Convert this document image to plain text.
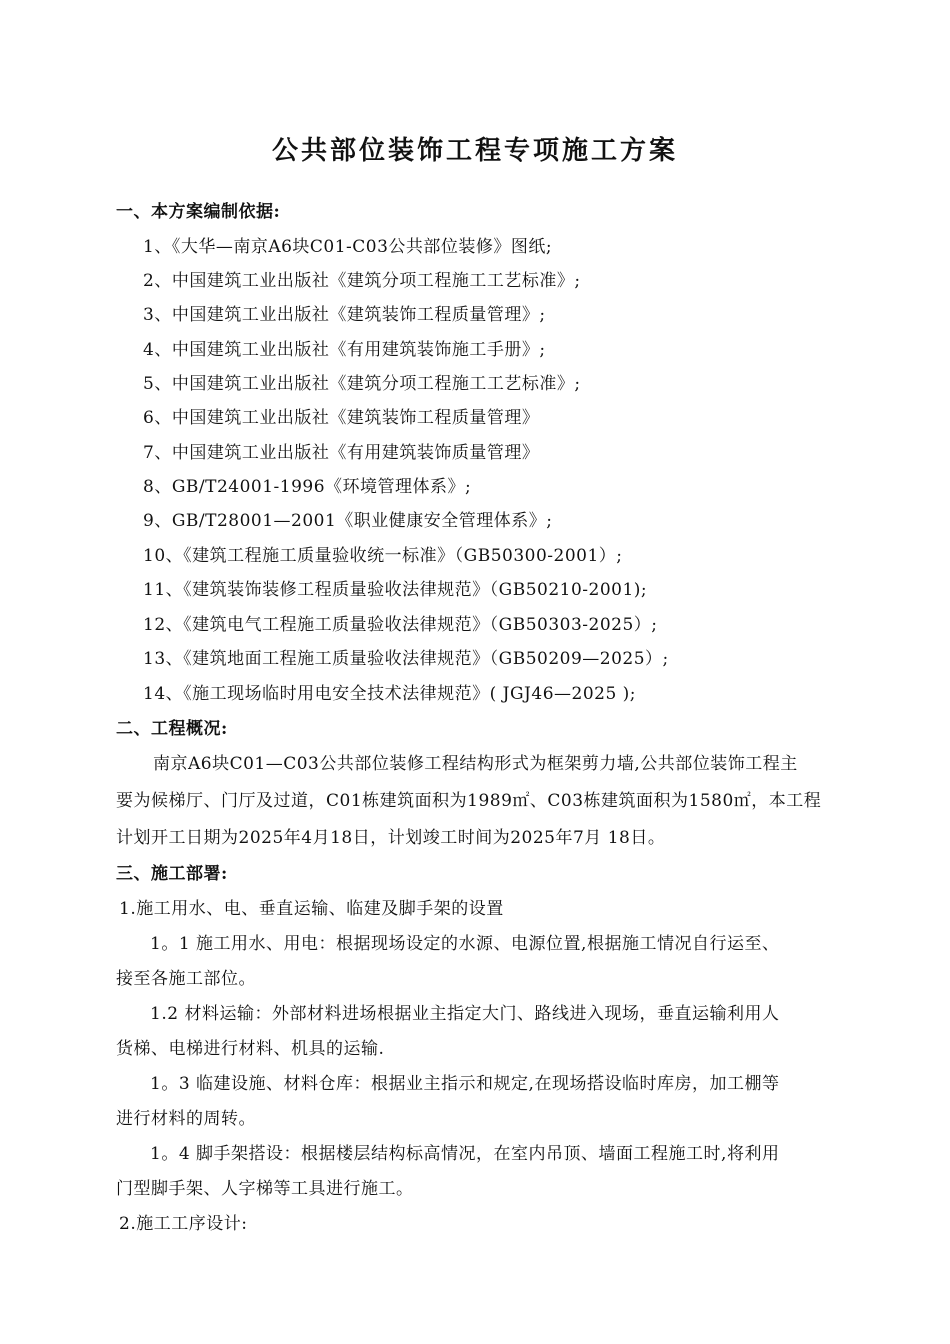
公共部位装饰工程专项施工方案
一、本方案编制依据:
1、《大华—南京A6块C01-C03公共部位装修》图纸;
2、中国建筑工业出版社《建筑分项工程施工工艺标准》;
3、中国建筑工业出版社《建筑装饰工程质量管理》;
4、中国建筑工业出版社《有用建筑装饰施工手册》;
5、中国建筑工业出版社《建筑分项工程施工工艺标准》;
6、中国建筑工业出版社《建筑装饰工程质量管理》
7、中国建筑工业出版社《有用建筑装饰质量管理》
8、GB/T24001-1996《环境管理体系》;
9、GB/T28001—2001《职业健康安全管理体系》;
10、《建筑工程施工质量验收统一标准》（GB50300-2001）;
11、《建筑装饰装修工程质量验收法律规范》（GB50210-2001);
12、《建筑电气工程施工质量验收法律规范》（GB50303-2025）;
13、《建筑地面工程施工质量验收法律规范》（GB50209—2025）;
14、《施工现场临时用电安全技术法律规范》( JGJ46—2025 );
二、工程概况:
南京A6块C01—C03公共部位装修工程结构形式为框架剪力墙,公共部位装饰工程主
要为候梯厅、门厅及过道，C01栋建筑面积为1989㎡、C03栋建筑面积为1580㎡，本工程
计划开工日期为2025年4月18日，计划竣工时间为2025年7月 18日。
三、施工部署:
1.施工用水、电、垂直运输、临建及脚手架的设置
1。1 施工用水、用电：根据现场设定的水源、电源位置,根据施工情况自行运至、
接至各施工部位。
1.2 材料运输：外部材料进场根据业主指定大门、路线进入现场，垂直运输利用人
货梯、电梯进行材料、机具的运输.
1。3 临建设施、材料仓库：根据业主指示和规定,在现场搭设临时库房，加工棚等
进行材料的周转。
1。4 脚手架搭设：根据楼层结构标高情况，在室内吊顶、墙面工程施工时,将利用
门型脚手架、人字梯等工具进行施工。
2.施工工序设计:
